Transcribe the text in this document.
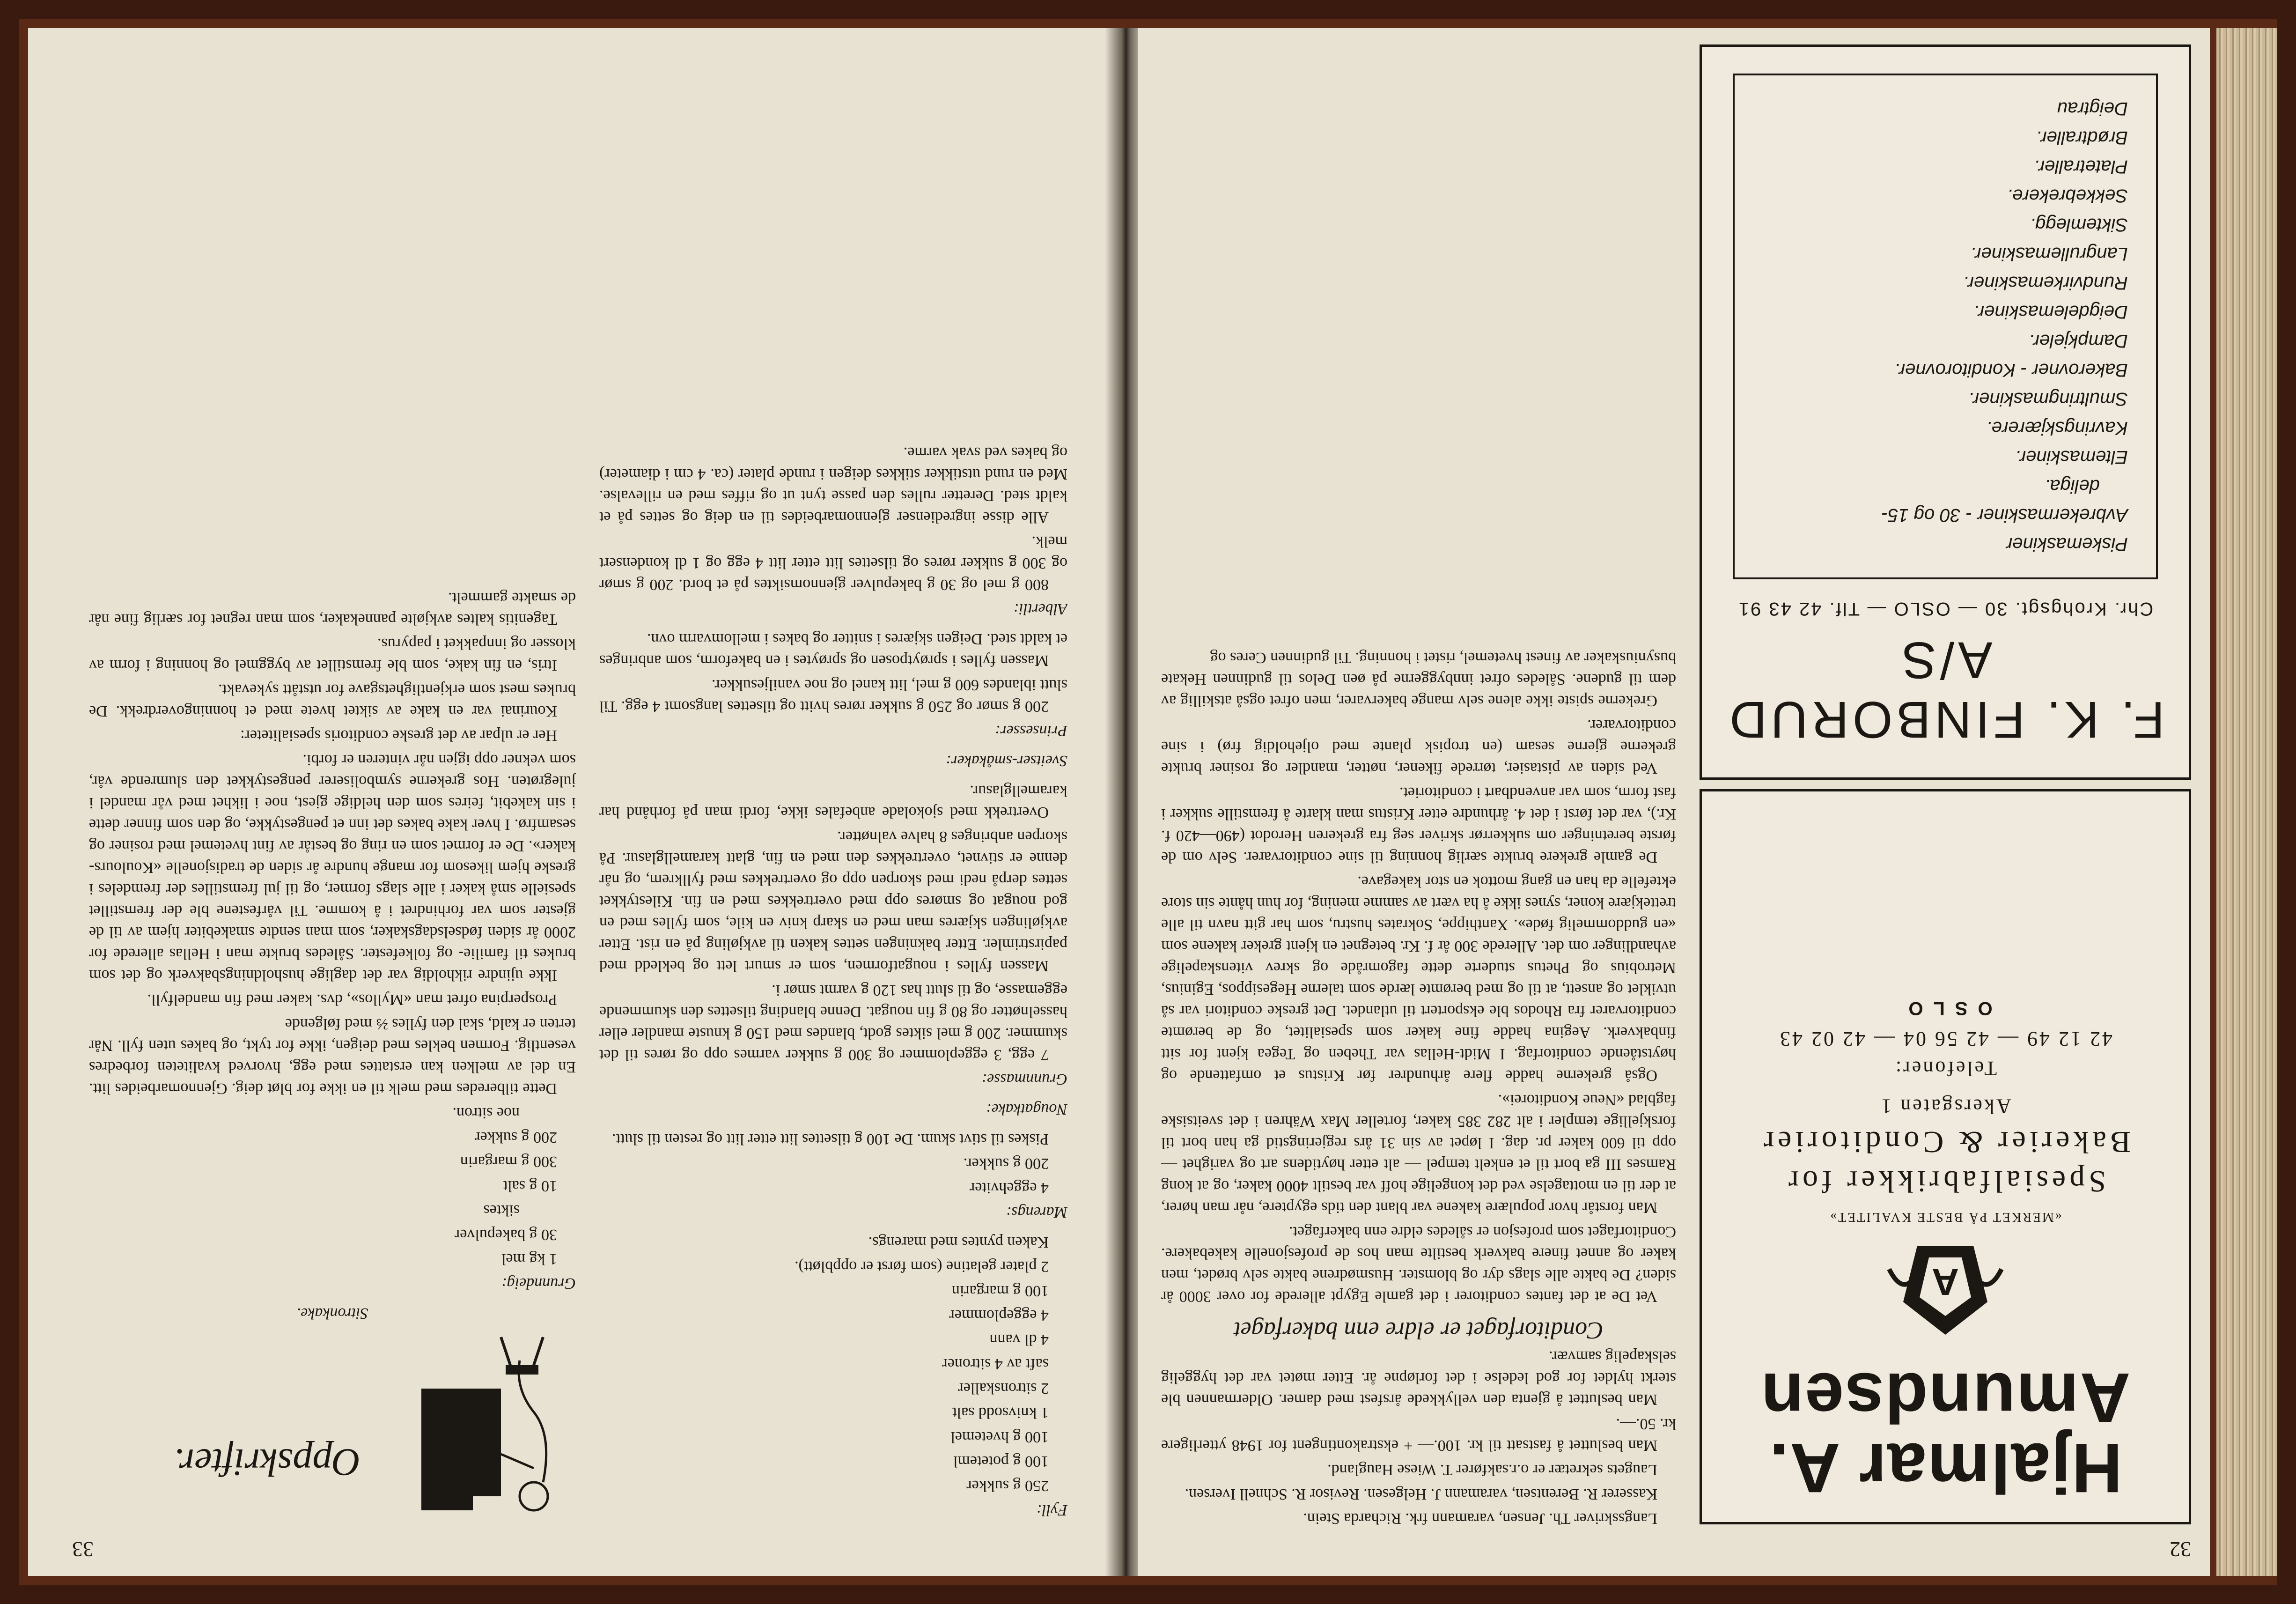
33
Oppskrifter.

Sitronkake.

Grunndeig:

1 kg mel

30 g bakepulver

siktes

10 g salt

300 g margarin

200 g sukker

noe sitron.

Dette tilberedes med melk til en ikke for bløt deig. Gjennomarbeides litt. En del av melken kan erstattes med egg, hvorved kvaliteten forbedres vesentlig. Formen bekles med deigen, ikke for tykt, og bakes uten fyll. Når terten er kald, skal den fylles ⅔ med følgende

Prosperpina ofret man «Myllos», dvs. kaker med fin mandelfyll.

Ikke ujindre rikholdig var det daglige husholdningsbakverk og det som brukes til familie- og folkefester. Således brukte man i Hellas allerede for 2000 år siden fødselsdagskaker, som man sendte smakebiter hjem av til de gjester som var forhindret i å komme. Til vårfestene ble der fremstillet spesielle små kaker i alle slags former, og til jul fremstilles der fremdeles i greske hjem likesom for mange hundre år siden de tradisjonelle «Koulours-kaker». De er formet som en ring og består av fint hvetemel med rosiner og sesamfrø. I hver kake bakes det inn et pengestykke, og den som finner dette i sin kakebit, feires som den heldige gjest, noe i likhet med vår mandel i julegrøten. Hos grekerne symboliserer pengestykket den slumrende vår, som vekner opp igjen når vinteren er forbi.

Her er ulpar av det greske conditoris spesialiteter:

Kourinai var en kake av siktet hvete med et honningoverdrekk. De brukes mest som erkjentlighetsgave for utstått sykevakt.

Itris, en fin kake, som ble fremstillet av byggmel og honning i form av klosser og innpakket i papyrus.

Tagenitis kaltes avkjølte pannekaker, som man regnet for særlig fine når de smakte gammelt.

Fyll:

250 g sukker

100 g poteteml

100 g hvetemel

1 knivsodd salt

2 sitronskaller

saft av 4 sitroner

4 dl vann

4 eggeplommer

100 g margarin

2 plater gelatine (som først er oppbløtt).

Kaken pyntes med marengs.

Marengs:

4 eggehviter

200 g sukker.

Piskes til stivt skum. De 100 g tilsettes litt etter litt og resten til slutt.

Nougatkake:

Grunnmasse:

7 egg, 3 eggeplommer og 300 g sukker varmes opp og røres til det skummer. 200 g mel siktes godt, blandes med 150 g knuste mandler eller hasselnøtter og 80 g fin nougat. Denne blanding tilsettes den skummende eggemasse, og til slutt has 120 g varmt smør i.

Massen fylles i nougatformen, som er smurt lett og bekledd med papirstrimler. Etter bakningen settes kaken til avkjøling på en rist. Etter avkjølingen skjæres man med en skarp kniv en kile, som fylles med en god nougat og smøres opp med overtrekkes med en fin. Kilestykket settes derpå nedi med skorpen opp og overtrekkes med fyllkrem, og når denne er stivnet, overtrekkes den med en fin, glatt karamellglasur. På skorpen anbringes 8 halve valnøtter.

Overtrekk med sjokolade anbefales ikke, fordi man på forhånd har karamellglasur.

Sveitser-småkaker:

Prinsesser:

200 g smør og 250 g sukker røres hvitt og tilsettes langsomt 4 egg. Til slutt iblandes 600 g mel, litt kanel og noe vaniljesukker.

Massen fylles i sprøytposen og sprøytes i en bakeform, som anbringes et kaldt sted. Deigen skjæres i snitter og bakes i mellomvarm ovn.

Albertli:

800 g mel og 30 g bakepulver gjennomsiktes på et bord. 200 g smør og 300 g sukker røres og tilsettes litt etter litt 4 egg og 1 dl kondensert melk.

Alle disse ingredienser gjennomarbeides til en deig og settes på et kaldt sted. Deretter rulles den passe tynt ut og riffes med en rillevalse. Med en rund utstikker stikkes deigen i runde plater (ca. 4 cm i diameter) og bakes ved svak varme.

32
Hjalmar A.
Amundsen
A
«MERKET PÅ BESTE KVALITET»
Spesialfabrikker for
Bakerier & Conditorier
Akersgaten 1
Telefoner:
42 12 49 — 42 56 04 — 42 02 43
OSLO
F. K. FINBORUD A/S
Chr. Krohgsgt. 30 — OSLO — Tlf. 42 43 91
Piskemaskiner
Avbrekermaskiner - 30 og 15-
deliga.
Eltemaskiner.
Kavringskjærere.
Smultringmaskiner.
Bakerovner - Konditorovner.
Dampkjeler.
Deigdelemaskiner.
Rundvirkemaskiner.
Langrullemaskiner.
Siktemlegg.
Sekkebrekere.
Platetraller.
Brødtraller.
Deigtrau

Langsskriver Th. Jensen, varamann frk. Richarda Stein.

Kasserer R. Berentsen, varamann J. Helgesen. Revisor R. Schnell Iversen.

Laugets sekretær er o.r.sakfører T. Wiese Haugland.

Man besluttet å fastsatt til kr. 100.— + ekstrakontingent for 1948 ytterligere kr. 50.—.

Man besluttet å gjenta den vellykkede årsfest med damer. Oldermannen ble sterkt hyldet for god ledelse i det forløpne år. Etter møtet var det hyggelig selskapelig samvær.

Conditorfaget er eldre enn bakerfaget

Vet De at det fantes conditorer i det gamle Egypt allerede for over 3000 år siden? De bakte alle slags dyr og blomster. Husmødrene bakte selv brødet, men kaker og annet finere bakverk bestilte man hos de profesjonelle kakebakere. Conditorfaget som profesjon er således eldre enn bakerfaget.

Man forstår hvor populære kakene var blant den tids egyptere, når man hører, at der til en mottagelse ved det kongelige hoff var bestilt 4000 kaker, og at kong Ramses III ga bort til et enkelt tempel — alt etter høytidens art og varighet — opp til 600 kaker pr. dag. I løpet av sin 31 års regjeringstid ga han bort til forskjellige templer i alt 282 385 kaker, forteller Max Währen i det sveitsiske fagblad «Neue Konditorei».

Også grekerne hadde flere århundrer før Kristus et omfattende og høytstående conditorfag. I Midt-Hellas var Theben og Tegea kjent for sitt finbakverk. Aegina hadde fine kaker som spesialitet, og de berømte conditorvarer fra Rhodos ble eksportert til utlandet. Det greske conditori var så utviklet og ansett, at til og med berømte lærde som talerne Hegesippos, Eginius, Metrobius og Phetus studerte dette fagområde og skrev vitenskapelige avhandlinger om det. Allerede 300 år f. Kr. betegnet en kjent greker kakene som «en guddommelig føde». Xanthippe, Sokrates hustru, som har gitt navn til alle trettekjære koner, synes ikke å ha vært av samme mening, for hun hånte sin store ektefelle da han en gang mottok en stor kakegave.

De gamle grekere brukte særlig honning til sine conditorvarer. Selv om de første beretninger om sukkerrør skriver seg fra grekeren Herodot (490—420 f. Kr.), var det først i det 4. århundre etter Kristus man klarte å fremstille sukker i fast form, som var anvendbart i conditoriet.

Ved siden av pistasier, tørrede fikener, nøtter, mandler og rosiner brukte grekerne gjerne sesam (en tropisk plante med oljeholdig frø) i sine conditorvarer.

Grekerne spiste ikke alene selv mange bakervarer, men ofret også atskillig av dem til gudene. Således ofret innbyggerne på øen Delos til gudinnen Hekate busyniuskaker av finest hvetemel, ristet i honning. Til gudinnen Ceres og
